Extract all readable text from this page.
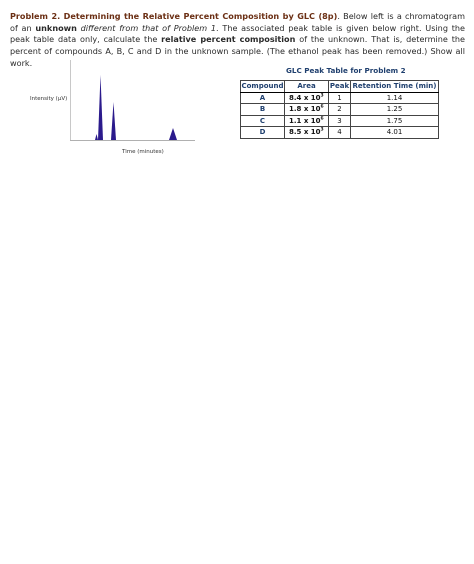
Problem 2. Determining the Relative Percent Composition by GLC (8p). Below left is a chromatogram of an unknown different from that of Problem 1. The associated peak table is given below right. Using the peak table data only, calculate the relative percent composition of the unknown. That is, determine the percent of compounds A, B, C and D in the unknown sample. (The ethanol peak has been removed.) Show all work.
Intensity (µV)
Time (minutes)
GLC Peak Table for Problem 2
Compound	Area	Peak	Retention Time (min)
A	8.4 x $10^3$	1	1.14
B	1.8 x $10^6$	2	1.25
C	1.1 x $10^6$	3	1.75
D	8.5 x $10^3$	4	4.01
